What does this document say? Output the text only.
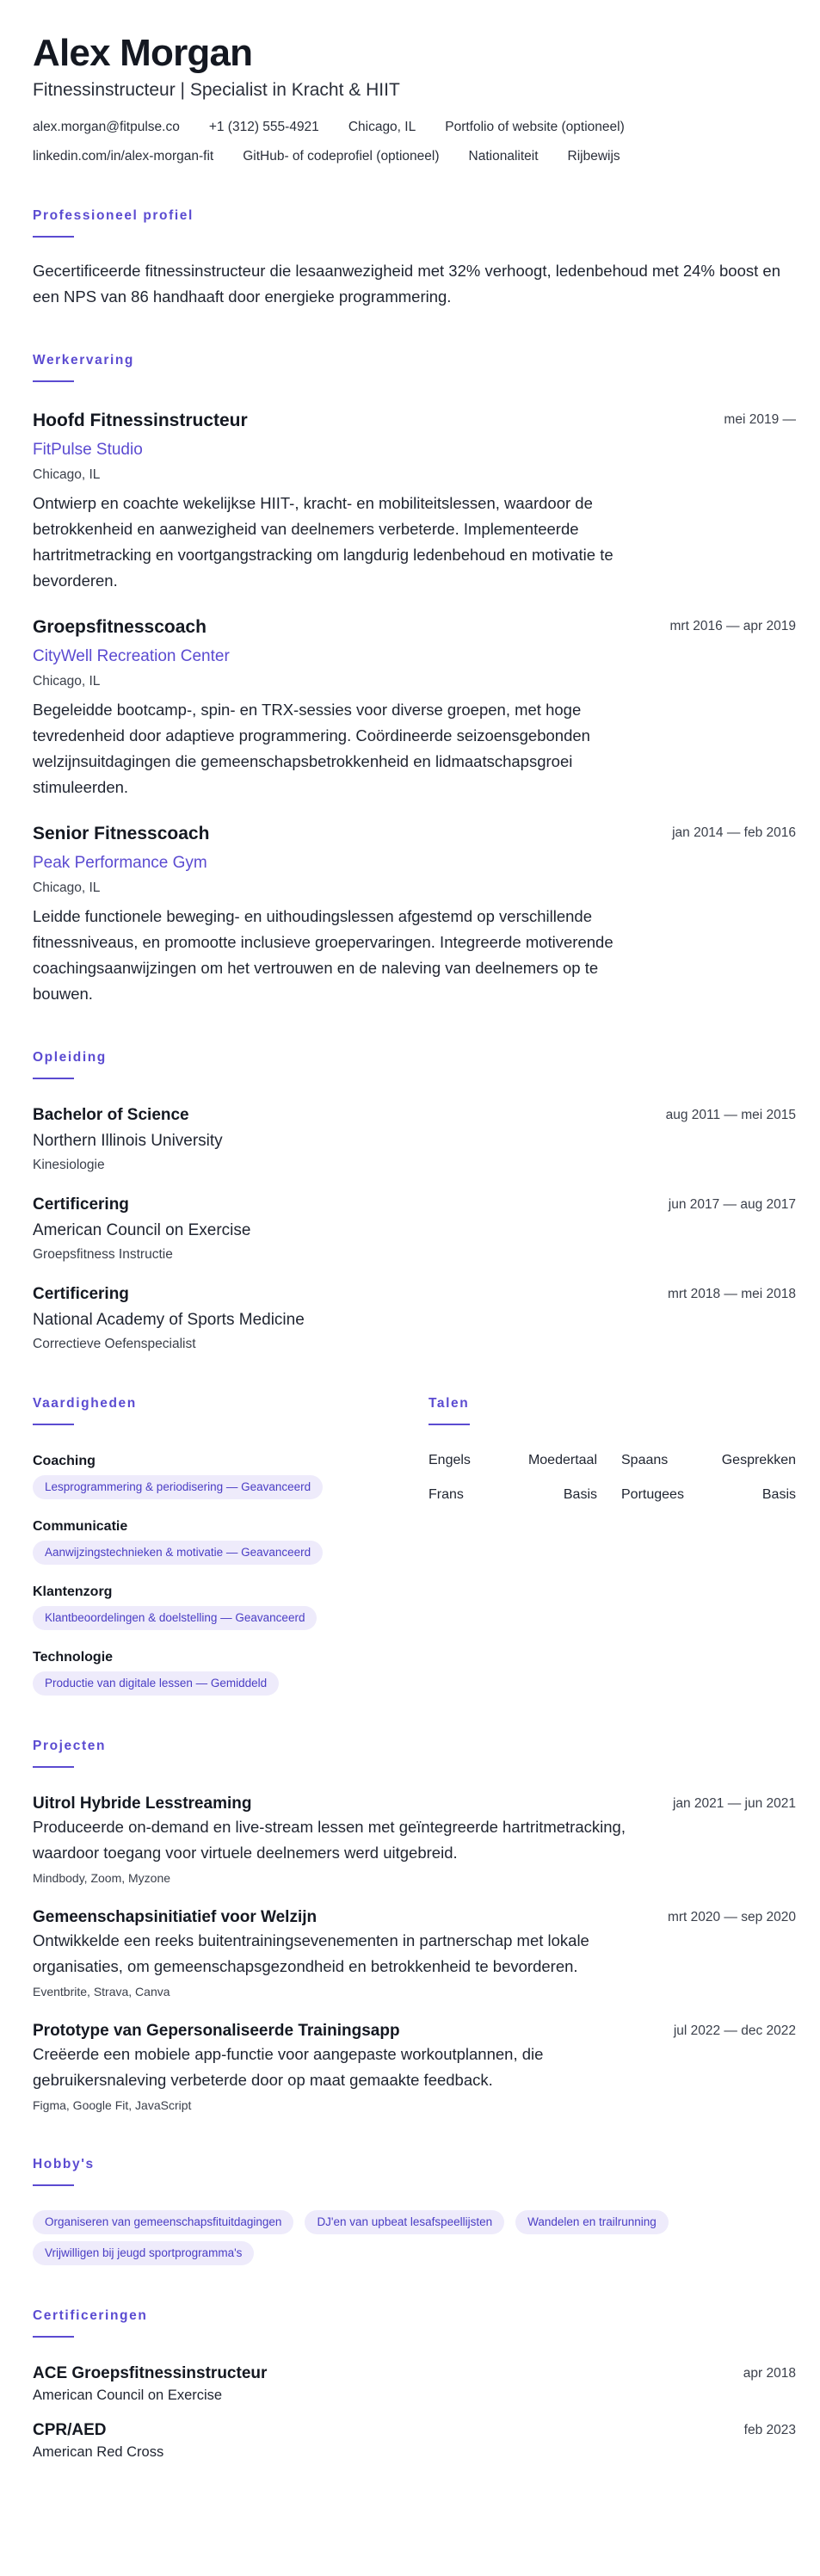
Alex Morgan
Fitnessinstructeur | Specialist in Kracht & HIIT
alex.morgan@fitpulse.co +1 (312) 555-4921 Chicago, IL Portfolio of website (optioneel)
linkedin.com/in/alex-morgan-fit GitHub- of codeprofiel (optioneel) Nationaliteit Rijbewijs
Professioneel profiel

Gecertificeerde fitnessinstructeur die lesaanwezigheid met 32% verhoogt, ledenbehoud met 24% boost en een NPS van 86 handhaaft door energieke programmering.

Werkervaring
Hoofd Fitnessinstructeur	mei 2019 —
FitPulse Studio
Chicago, IL

Ontwierp en coachte wekelijkse HIIT-, kracht- en mobiliteitslessen, waardoor de betrokkenheid en aanwezigheid van deelnemers verbeterde. Implementeerde hartritmetracking en voortgangstracking om langdurig ledenbehoud en motivatie te bevorderen.

Groepsfitnesscoach	mrt 2016 — apr 2019
CityWell Recreation Center
Chicago, IL

Begeleidde bootcamp-, spin- en TRX-sessies voor diverse groepen, met hoge tevredenheid door adaptieve programmering. Coördineerde seizoensgebonden welzijnsuitdagingen die gemeenschapsbetrokkenheid en lidmaatschapsgroei stimuleerden.

Senior Fitnesscoach	jan 2014 — feb 2016
Peak Performance Gym
Chicago, IL

Leidde functionele beweging- en uithoudingslessen afgestemd op verschillende fitnessniveaus, en promootte inclusieve groepervaringen. Integreerde motiverende coachingsaanwijzingen om het vertrouwen en de naleving van deelnemers op te bouwen.

Opleiding
Bachelor of Science	aug 2011 — mei 2015
Northern Illinois University
Kinesiologie
Certificering	jun 2017 — aug 2017
American Council on Exercise
Groepsfitness Instructie
Certificering	mrt 2018 — mei 2018
National Academy of Sports Medicine
Correctieve Oefenspecialist
Vaardigheden
Coaching
Lesprogrammering & periodisering — Geavanceerd
Communicatie
Aanwijzingstechnieken & motivatie — Geavanceerd
Klantenzorg
Klantbeoordelingen & doelstelling — Geavanceerd
Technologie
Productie van digitale lessen — Gemiddeld
Talen
Engels	Moedertaal Spaans	Gesprekken
Frans	Basis Portugees	Basis
Projecten
Uitrol Hybride Lesstreaming	jan 2021 — jun 2021

Produceerde on-demand en live-stream lessen met geïntegreerde hartritmetracking, waardoor toegang voor virtuele deelnemers werd uitgebreid.

Mindbody, Zoom, Myzone
Gemeenschapsinitiatief voor Welzijn	mrt 2020 — sep 2020

Ontwikkelde een reeks buitentrainingsevenementen in partnerschap met lokale organisaties, om gemeenschapsgezondheid en betrokkenheid te bevorderen.

Eventbrite, Strava, Canva
Prototype van Gepersonaliseerde Trainingsapp	jul 2022 — dec 2022

Creëerde een mobiele app-functie voor aangepaste workoutplannen, die gebruikersnaleving verbeterde door op maat gemaakte feedback.

Figma, Google Fit, JavaScript
Hobby's
Organiseren van gemeenschapsfituitdagingen	DJ'en van upbeat lesafspeellijsten	Wandelen en trailrunning
Vrijwilligen bij jeugd sportprogramma's
Certificeringen
ACE Groepsfitnessinstructeur	apr 2018
American Council on Exercise
CPR/AED	feb 2023
American Red Cross
